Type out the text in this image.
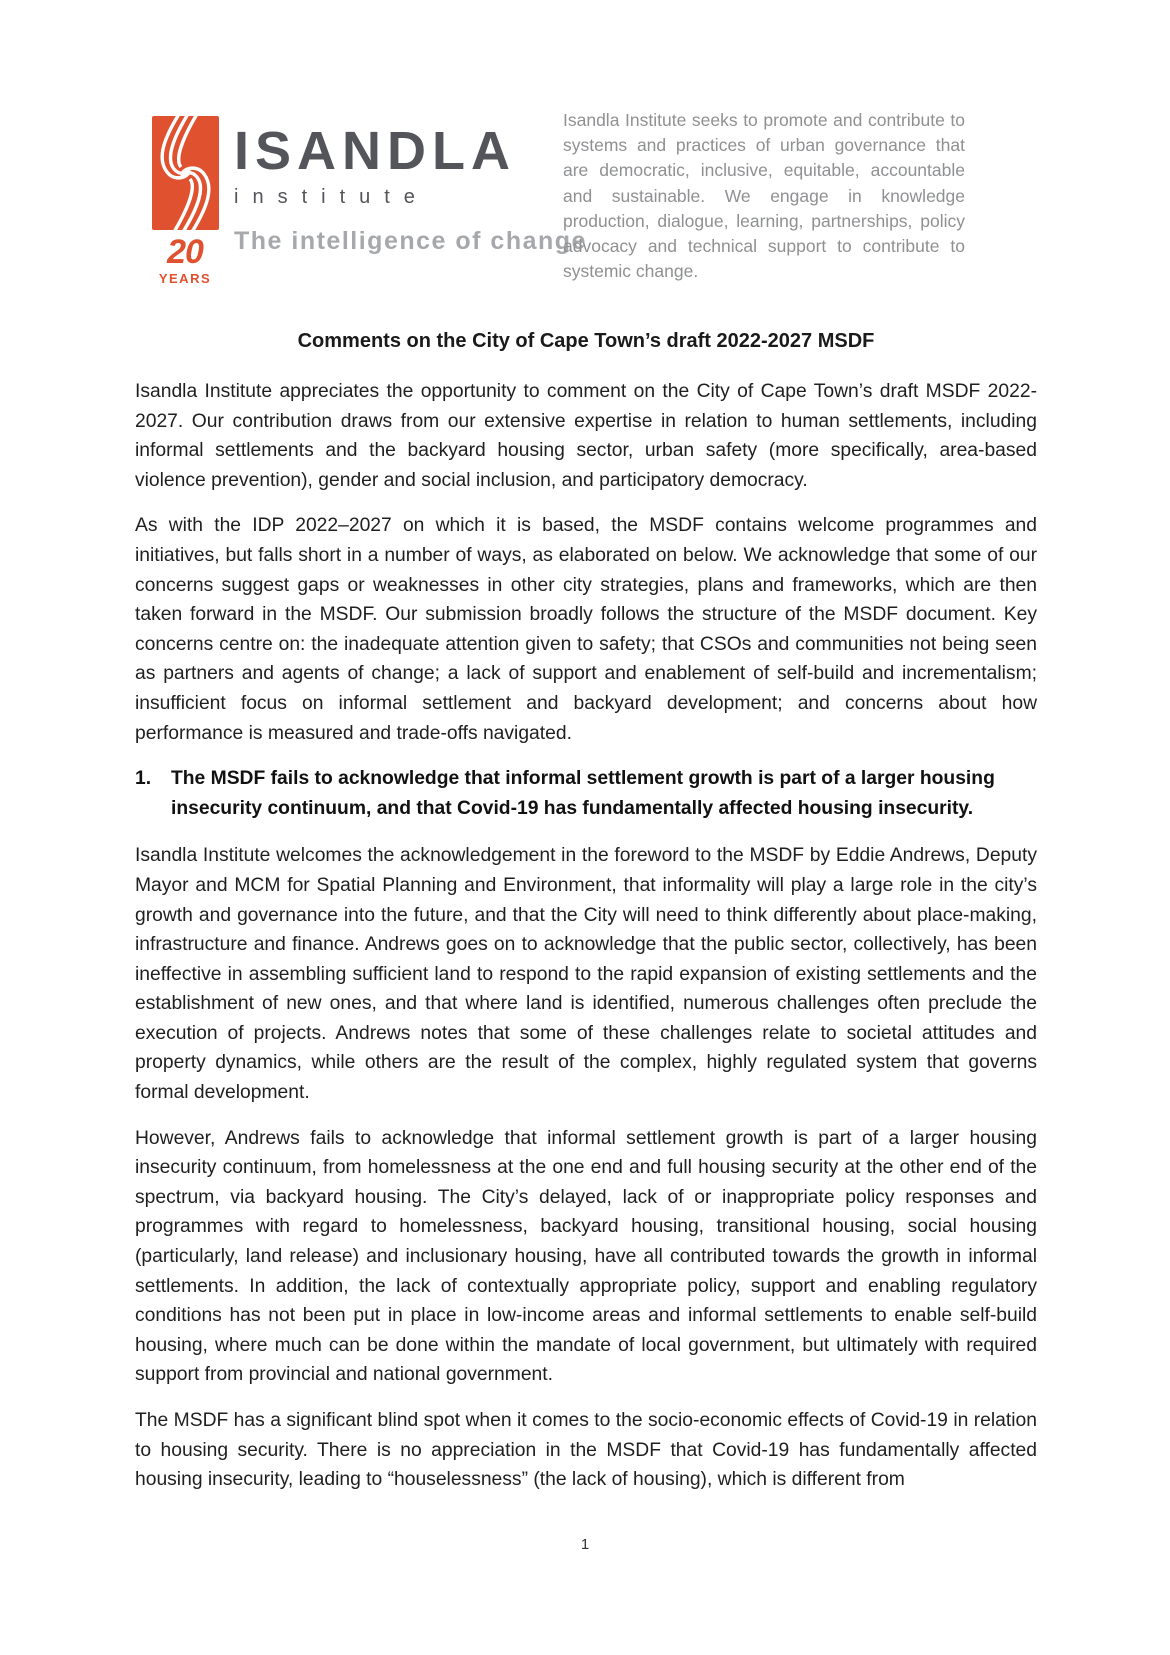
20
YEARS
ISANDLA
institute
The intelligence of change

Isandla Institute seeks to promote and contribute to systems and practices of urban governance that are democratic, inclusive, equitable, accountable and sustainable. We engage in knowledge production, dialogue, learning, partnerships, policy advocacy and technical support to contribute to systemic change.

Comments on the City of Cape Town’s draft 2022-2027 MSDF

Isandla Institute appreciates the opportunity to comment on the City of Cape Town’s draft MSDF 2022-2027. Our contribution draws from our extensive expertise in relation to human settlements, including informal settlements and the backyard housing sector, urban safety (more specifically, area-based violence prevention), gender and social inclusion, and participatory democracy.

As with the IDP 2022–2027 on which it is based, the MSDF contains welcome programmes and initiatives, but falls short in a number of ways, as elaborated on below. We acknowledge that some of our concerns suggest gaps or weaknesses in other city strategies, plans and frameworks, which are then taken forward in the MSDF. Our submission broadly follows the structure of the MSDF document. Key concerns centre on: the inadequate attention given to safety; that CSOs and communities not being seen as partners and agents of change; a lack of support and enablement of self-build and incrementalism; insufficient focus on informal settlement and backyard development; and concerns about how performance is measured and trade-offs navigated.

1.	The MSDF fails to acknowledge that informal settlement growth is part of a larger housing insecurity continuum, and that Covid-19 has fundamentally affected housing insecurity.

Isandla Institute welcomes the acknowledgement in the foreword to the MSDF by Eddie Andrews, Deputy Mayor and MCM for Spatial Planning and Environment, that informality will play a large role in the city’s growth and governance into the future, and that the City will need to think differently about place-making, infrastructure and finance. Andrews goes on to acknowledge that the public sector, collectively, has been ineffective in assembling sufficient land to respond to the rapid expansion of existing settlements and the establishment of new ones, and that where land is identified, numerous challenges often preclude the execution of projects. Andrews notes that some of these challenges relate to societal attitudes and property dynamics, while others are the result of the complex, highly regulated system that governs formal development.

However, Andrews fails to acknowledge that informal settlement growth is part of a larger housing insecurity continuum, from homelessness at the one end and full housing security at the other end of the spectrum, via backyard housing. The City’s delayed, lack of or inappropriate policy responses and programmes with regard to homelessness, backyard housing, transitional housing, social housing (particularly, land release) and inclusionary housing, have all contributed towards the growth in informal settlements. In addition, the lack of contextually appropriate policy, support and enabling regulatory conditions has not been put in place in low-income areas and informal settlements to enable self-build housing, where much can be done within the mandate of local government, but ultimately with required support from provincial and national government.

The MSDF has a significant blind spot when it comes to the socio-economic effects of Covid-19 in relation to housing security. There is no appreciation in the MSDF that Covid-19 has fundamentally affected housing insecurity, leading to “houselessness” (the lack of housing), which is different from

1
